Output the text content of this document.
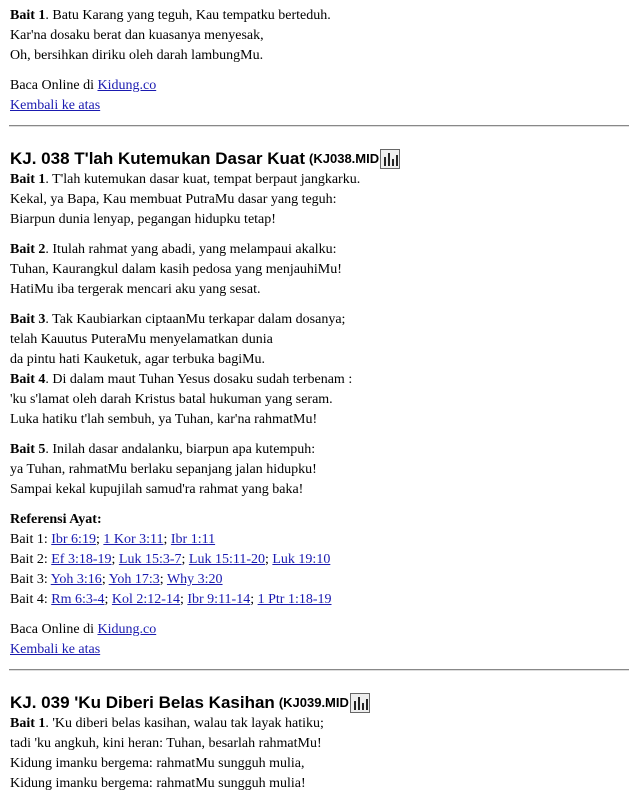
Bait 1. Batu Karang yang teguh, Kau tempatku berteduh.
Kar'na dosaku berat dan kuasanya menyesak,
Oh, bersihkan diriku oleh darah lambungMu.

Baca Online di Kidung.co

Kembali ke atas

KJ. 038 T'lah Kutemukan Dasar Kuat (KJ038.MID

Bait 1. T'lah kutemukan dasar kuat, tempat berpaut jangkarku.
Kekal, ya Bapa, Kau membuat PutraMu dasar yang teguh:
Biarpun dunia lenyap, pegangan hidupku tetap!

Bait 2. Itulah rahmat yang abadi, yang melampaui akalku:
Tuhan, Kaurangkul dalam kasih pedosa yang menjauhiMu!
HatiMu iba tergerak mencari aku yang sesat.

Bait 3. Tak Kaubiarkan ciptaanMu terkapar dalam dosanya;
telah Kauutus PuteraMu menyelamatkan dunia
da pintu hati Kauketuk, agar terbuka bagiMu.

Bait 4. Di dalam maut Tuhan Yesus dosaku sudah terbenam :
'ku s'lamat oleh darah Kristus batal hukuman yang seram.
Luka hatiku t'lah sembuh, ya Tuhan, kar'na rahmatMu!

Bait 5. Inilah dasar andalanku, biarpun apa kutempuh:
ya Tuhan, rahmatMu berlaku sepanjang jalan hidupku!
Sampai kekal kupujilah samud'ra rahmat yang baka!

Referensi Ayat:

Bait 1: Ibr 6:19; 1 Kor 3:11; Ibr 1:11

Bait 2: Ef 3:18-19; Luk 15:3-7; Luk 15:11-20; Luk 19:10

Bait 3: Yoh 3:16; Yoh 17:3; Why 3:20

Bait 4: Rm 6:3-4; Kol 2:12-14; Ibr 9:11-14; 1 Ptr 1:18-19

Baca Online di Kidung.co

Kembali ke atas

KJ. 039 'Ku Diberi Belas Kasihan (KJ039.MID

Bait 1. 'Ku diberi belas kasihan, walau tak layak hatiku;
tadi 'ku angkuh, kini heran: Tuhan, besarlah rahmatMu!
Kidung imanku bergema: rahmatMu sungguh mulia,
Kidung imanku bergema: rahmatMu sungguh mulia!
